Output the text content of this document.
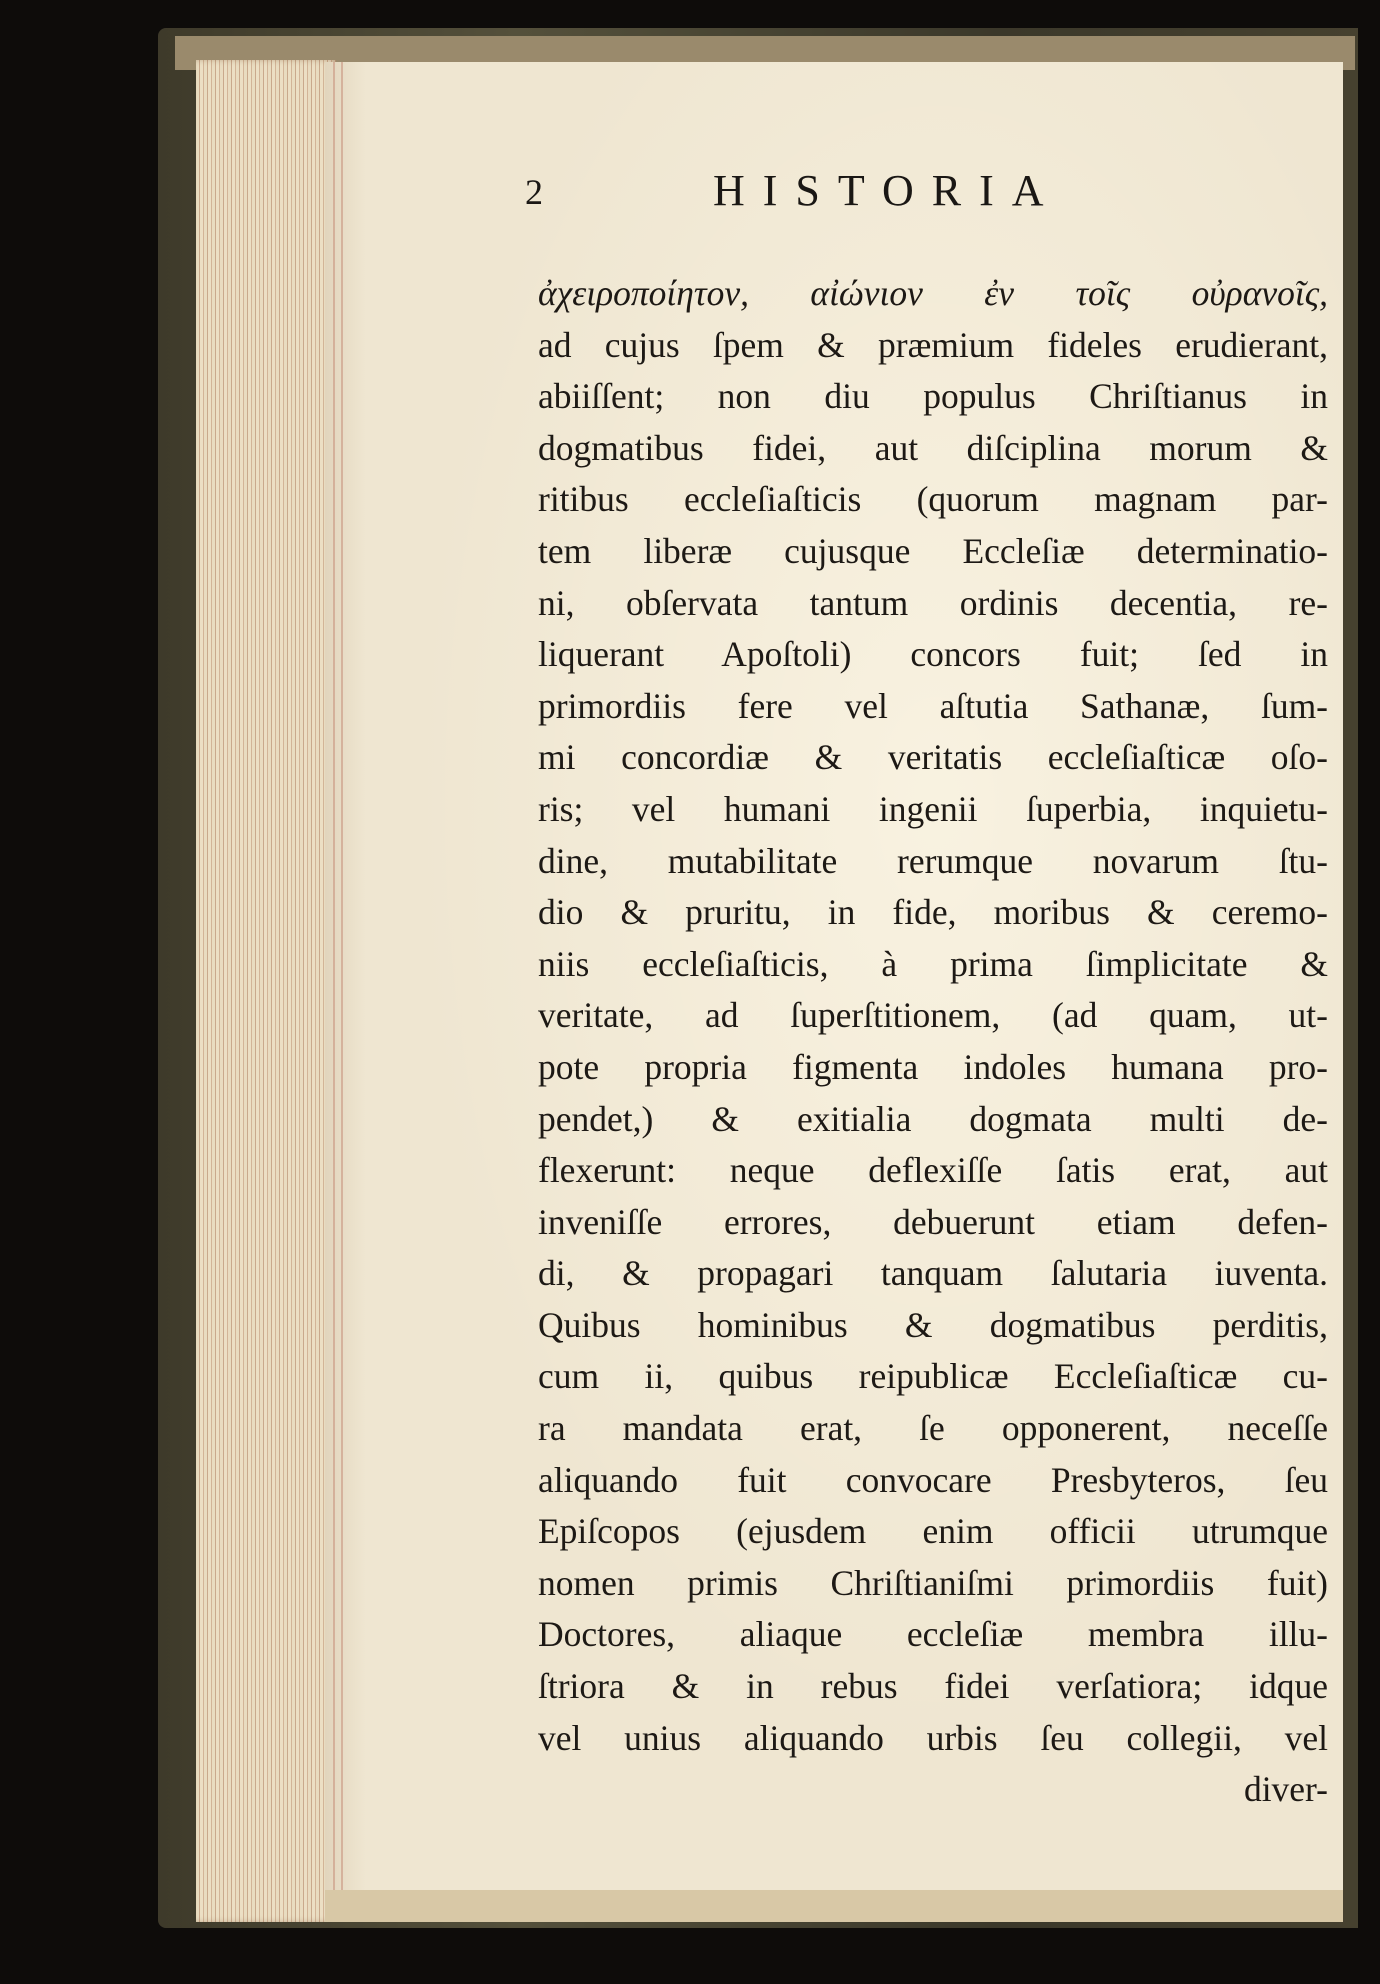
2	HISTORIA
ἀχειροποίητον, αἰώνιον ἐν τοῖς οὐρανοῖς,
ad cujus ſpem & præmium fideles erudierant,
abiiſſent; non diu populus Chriſtianus in
dogmatibus fidei, aut diſciplina morum &
ritibus eccleſiaſticis (quorum magnam par-
tem liberæ cujusque Eccleſiæ determinatio-
ni, obſervata tantum ordinis decentia, re-
liquerant Apoſtoli) concors fuit; ſed in
primordiis fere vel aſtutia Sathanæ, ſum-
mi concordiæ & veritatis eccleſiaſticæ oſo-
ris; vel humani ingenii ſuperbia, inquietu-
dine, mutabilitate rerumque novarum ſtu-
dio & pruritu, in fide, moribus & ceremo-
niis eccleſiaſticis, à prima ſimplicitate &
veritate, ad ſuperſtitionem, (ad quam, ut-
pote propria figmenta indoles humana pro-
pendet,) & exitialia dogmata multi de-
flexerunt: neque deflexiſſe ſatis erat, aut
inveniſſe errores, debuerunt etiam defen-
di, & propagari tanquam ſalutaria iuventa.
Quibus hominibus & dogmatibus perditis,
cum ii, quibus reipublicæ Eccleſiaſticæ cu-
ra mandata erat, ſe opponerent, neceſſe
aliquando fuit convocare Presbyteros, ſeu
Epiſcopos (ejusdem enim officii utrumque
nomen primis Chriſtianiſmi primordiis fuit)
Doctores, aliaque eccleſiæ membra illu-
ſtriora & in rebus fidei verſatiora; idque
vel unius aliquando urbis ſeu collegii, vel
diver-
